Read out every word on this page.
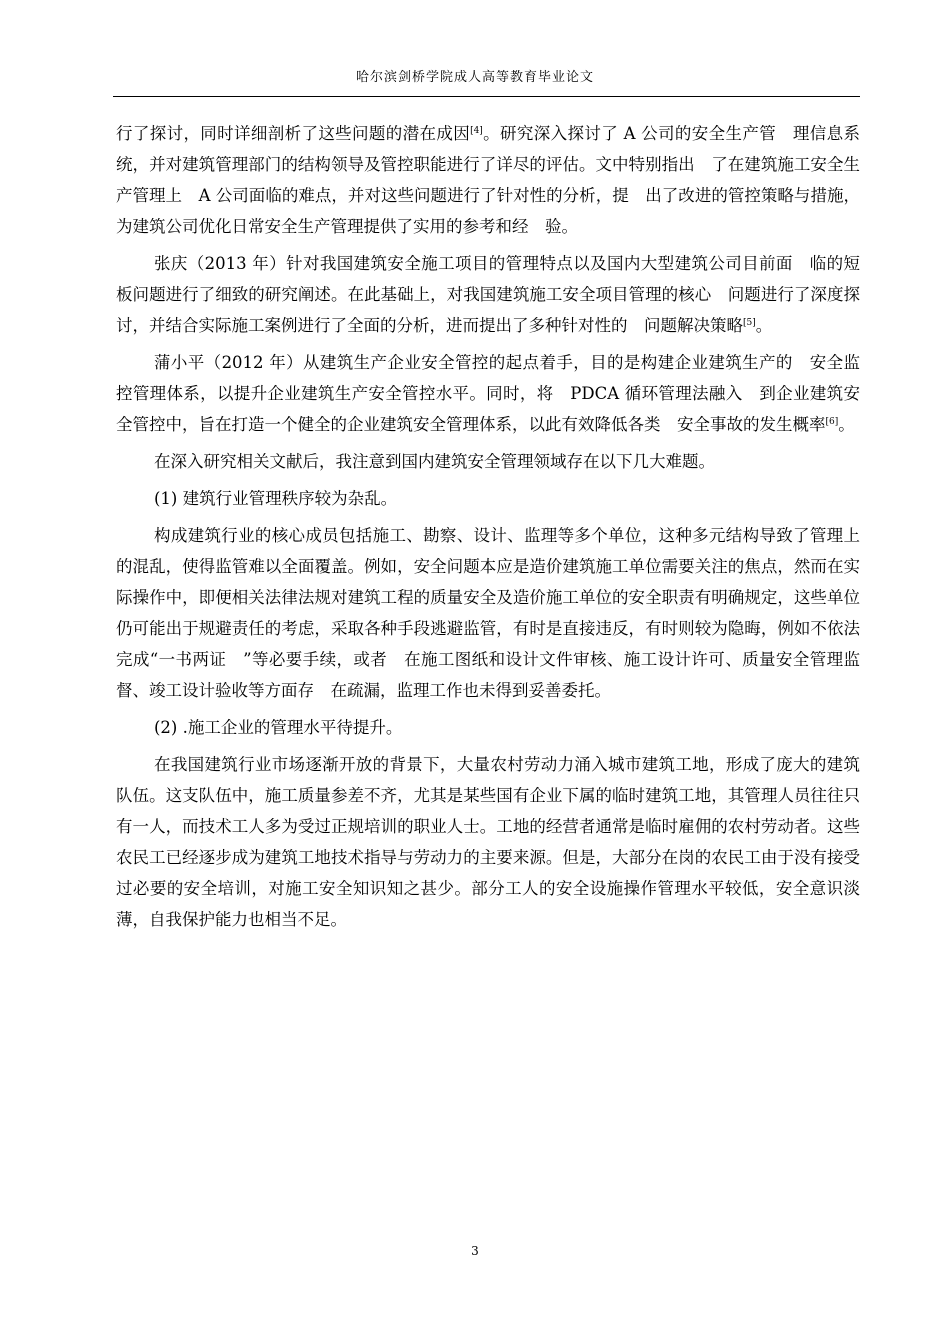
哈尔滨剑桥学院成人高等教育毕业论文

行了探讨，同时详细剖析了这些问题的潜在成因[4]。研究深入探讨了 A 公司的安全生产管　理信息系统，并对建筑管理部门的结构领导及管控职能进行了详尽的评估。文中特别指出　了在建筑施工安全生产管理上　A 公司面临的难点，并对这些问题进行了针对性的分析，提　出了改进的管控策略与措施，为建筑公司优化日常安全生产管理提供了实用的参考和经　验。

张庆（2013 年）针对我国建筑安全施工项目的管理特点以及国内大型建筑公司目前面　临的短板问题进行了细致的研究阐述。在此基础上，对我国建筑施工安全项目管理的核心　问题进行了深度探讨，并结合实际施工案例进行了全面的分析，进而提出了多种针对性的　问题解决策略[5]。

蒲小平（2012 年）从建筑生产企业安全管控的起点着手，目的是构建企业建筑生产的　安全监控管理体系，以提升企业建筑生产安全管控水平。同时，将　PDCA 循环管理法融入　到企业建筑安全管控中，旨在打造一个健全的企业建筑安全管理体系，以此有效降低各类　安全事故的发生概率[6]。

在深入研究相关文献后，我注意到国内建筑安全管理领域存在以下几大难题。

(1) 建筑行业管理秩序较为杂乱。

构成建筑行业的核心成员包括施工、勘察、设计、监理等多个单位，这种多元结构导致了管理上的混乱，使得监管难以全面覆盖。例如，安全问题本应是造价建筑施工单位需要关注的焦点，然而在实际操作中，即便相关法律法规对建筑工程的质量安全及造价施工单位的安全职责有明确规定，这些单位仍可能出于规避责任的考虑，采取各种手段逃避监管，有时是直接违反，有时则较为隐晦，例如不依法完成“一书两证　”等必要手续，或者　在施工图纸和设计文件审核、施工设计许可、质量安全管理监督、竣工设计验收等方面存　在疏漏，监理工作也未得到妥善委托。

(2) .施工企业的管理水平待提升。

在我国建筑行业市场逐渐开放的背景下，大量农村劳动力涌入城市建筑工地，形成了庞大的建筑队伍。这支队伍中，施工质量参差不齐，尤其是某些国有企业下属的临时建筑工地，其管理人员往往只有一人，而技术工人多为受过正规培训的职业人士。工地的经营者通常是临时雇佣的农村劳动者。这些农民工已经逐步成为建筑工地技术指导与劳动力的主要来源。但是，大部分在岗的农民工由于没有接受过必要的安全培训，对施工安全知识知之甚少。部分工人的安全设施操作管理水平较低，安全意识淡薄，自我保护能力也相当不足。

3
